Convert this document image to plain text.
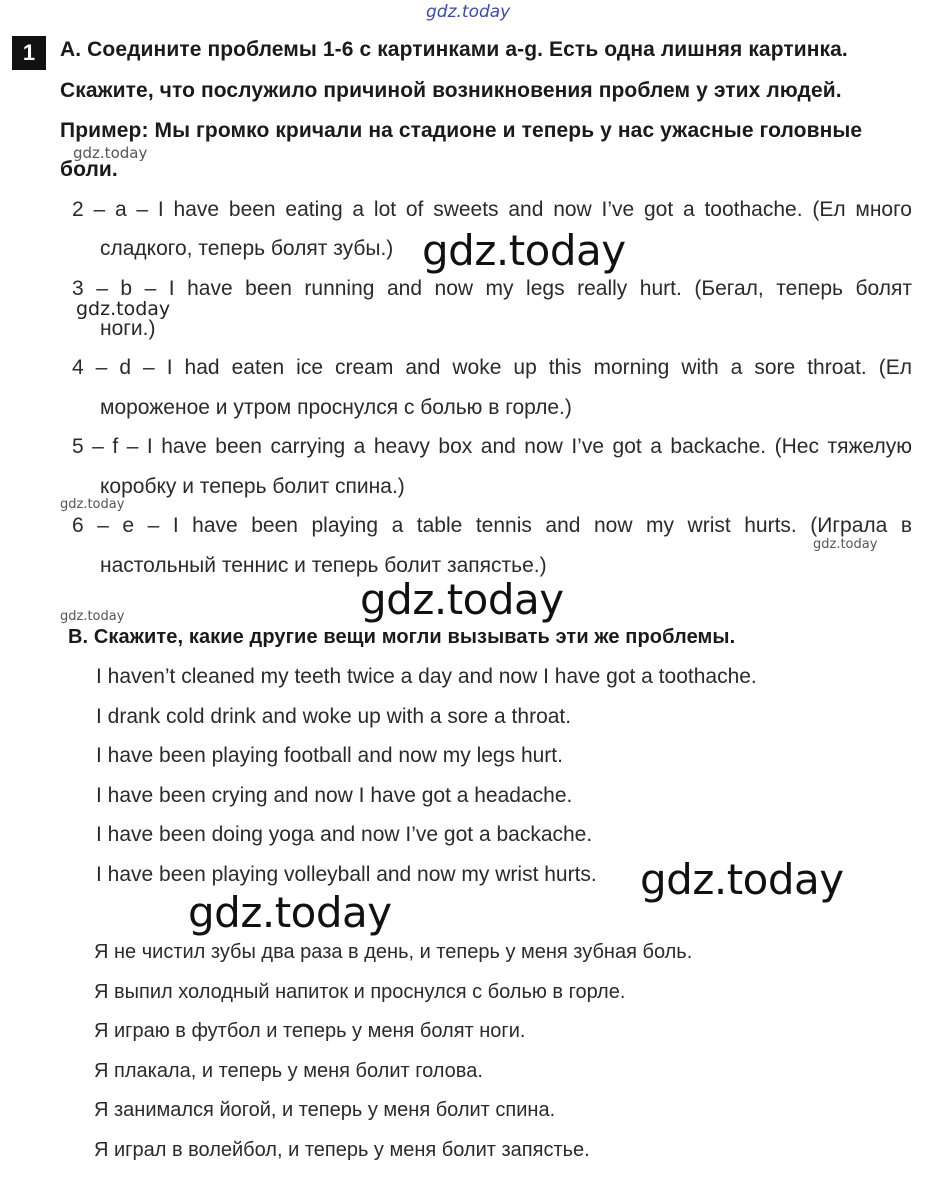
gdz.today
1	A. Соедините проблемы 1-6 с картинками a-g. Есть одна лишняя картинка.
Скажите, что послужило причиной возникновения проблем у этих людей.
Пример: Мы громко кричали на стадионе и теперь у нас ужасные головные
боли.
gdz.today
2 – a – I have been eating a lot of sweets and now I’ve got a toothache. (Ел много
сладкого, теперь болят зубы.) gdz.today
3 – b – I have been running and now my legs really hurt. (Бегал, теперь болят
ноги.)
gdz.today
4 – d – I had eaten ice cream and woke up this morning with a sore throat. (Ел
мороженое и утром проснулся с болью в горле.)
5 – f – I have been carrying a heavy box and now I’ve got a backache. (Нес тяжелую
коробку и теперь болит спина.)
gdz.today
6 – e – I have been playing a table tennis and now my wrist hurts. (Играла в
gdz.today
настольный теннис и теперь болит запястье.)
gdz.today
gdz.today
B. Скажите, какие другие вещи могли вызывать эти же проблемы.
I haven’t cleaned my teeth twice a day and now I have got a toothache.
I drank cold drink and woke up with a sore a throat.
I have been playing football and now my legs hurt.
I have been crying and now I have got a headache.
I have been doing yoga and now I’ve got a backache.
I have been playing volleyball and now my wrist hurts. gdz.today
gdz.today
Я не чистил зубы два раза в день, и теперь у меня зубная боль.
Я выпил холодный напиток и проснулся с болью в горле.
Я играю в футбол и теперь у меня болят ноги.
Я плакала, и теперь у меня болит голова.
Я занимался йогой, и теперь у меня болит спина.
Я играл в волейбол, и теперь у меня болит запястье.
